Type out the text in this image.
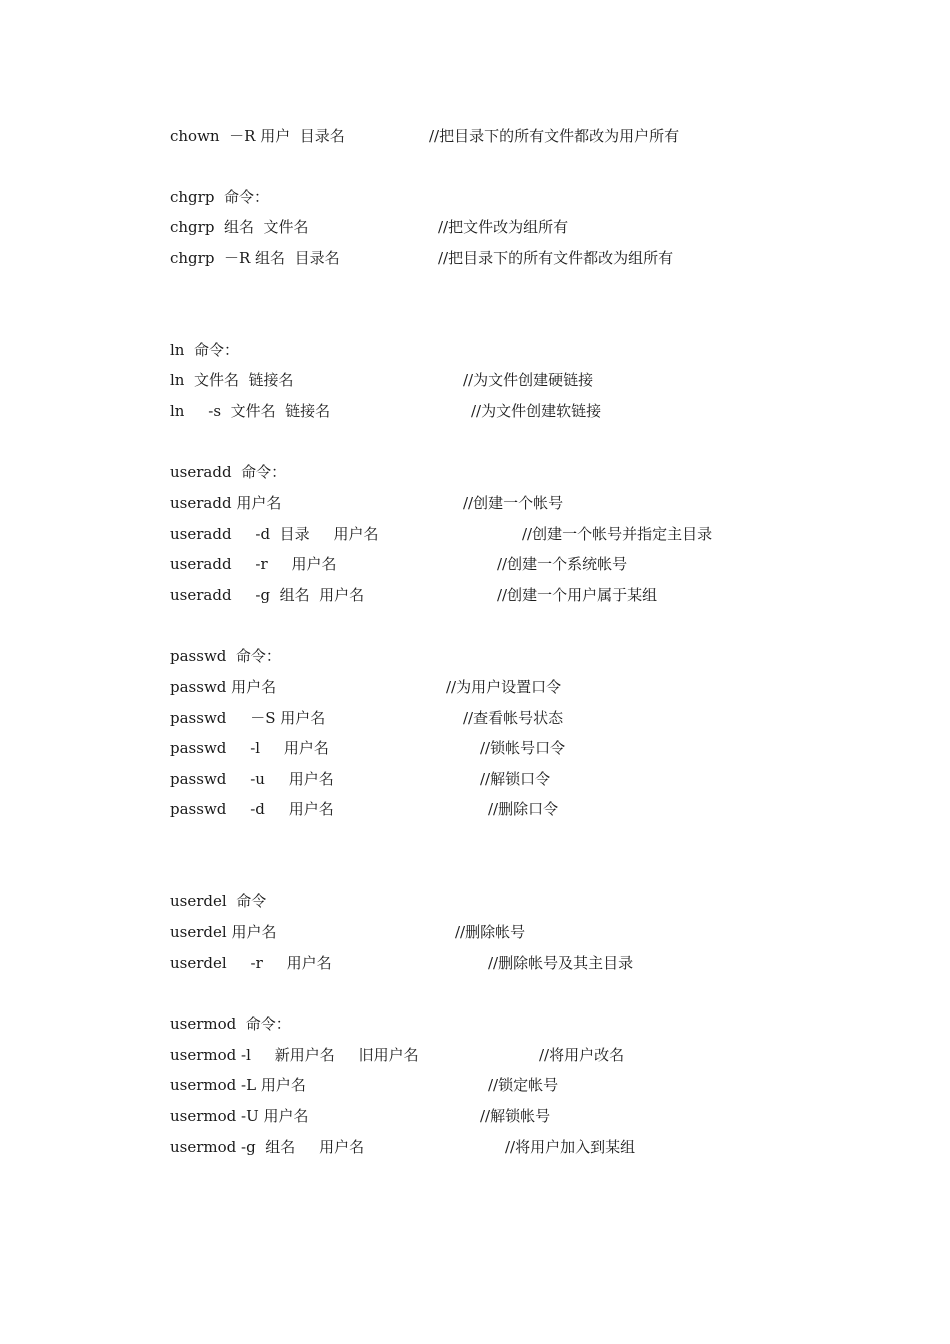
chown  －R 用户  目录名	//把目录下的所有文件都改为用户所有
chgrp  命令：
chgrp  组名  文件名	//把文件改为组所有
chgrp  －R 组名  目录名	//把目录下的所有文件都改为组所有
ln  命令：
ln  文件名  链接名	//为文件创建硬链接
ln     -s  文件名  链接名	//为文件创建软链接
useradd  命令：
useradd 用户名	//创建一个帐号
useradd     -d  目录     用户名	//创建一个帐号并指定主目录
useradd     -r     用户名	//创建一个系统帐号
useradd     -g  组名  用户名	//创建一个用户属于某组
passwd  命令：
passwd 用户名	//为用户设置口令
passwd     －S 用户名	//查看帐号状态
passwd     -l     用户名	//锁帐号口令
passwd     -u     用户名	//解锁口令
passwd     -d     用户名	//删除口令
userdel  命令
userdel 用户名	//删除帐号
userdel     -r     用户名	//删除帐号及其主目录
usermod  命令：
usermod -l     新用户名     旧用户名	//将用户改名
usermod -L 用户名	//锁定帐号
usermod -U 用户名	//解锁帐号
usermod -g  组名     用户名	//将用户加入到某组
